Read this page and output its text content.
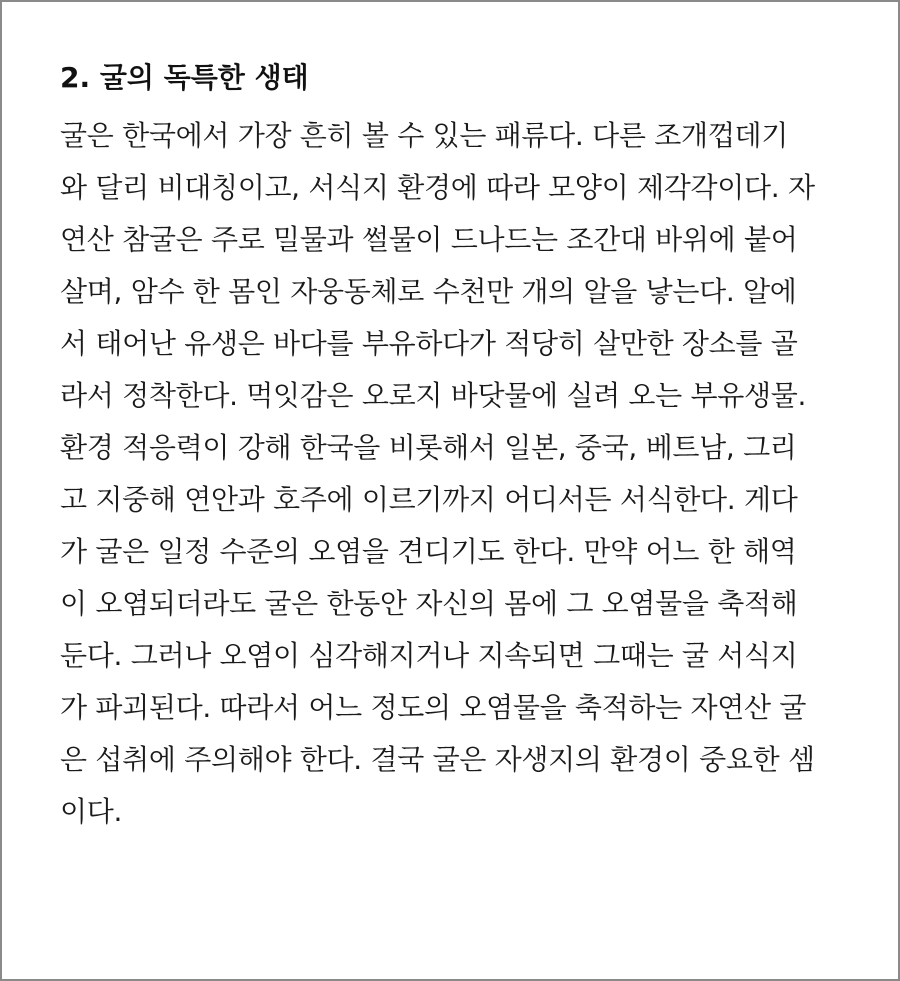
2. 굴의 독특한 생태
굴은 한국에서 가장 흔히 볼 수 있는 패류다. 다른 조개껍데기
와 달리 비대칭이고, 서식지 환경에 따라 모양이 제각각이다. 자
연산 참굴은 주로 밀물과 썰물이 드나드는 조간대 바위에 붙어
살며, 암수 한 몸인 자웅동체로 수천만 개의 알을 낳는다. 알에
서 태어난 유생은 바다를 부유하다가 적당히 살만한 장소를 골
라서 정착한다. 먹잇감은 오로지 바닷물에 실려 오는 부유생물.
환경 적응력이 강해 한국을 비롯해서 일본, 중국, 베트남, 그리
고 지중해 연안과 호주에 이르기까지 어디서든 서식한다. 게다
가 굴은 일정 수준의 오염을 견디기도 한다. 만약 어느 한 해역
이 오염되더라도 굴은 한동안 자신의 몸에 그 오염물을 축적해
둔다. 그러나 오염이 심각해지거나 지속되면 그때는 굴 서식지
가 파괴된다. 따라서 어느 정도의 오염물을 축적하는 자연산 굴
은 섭취에 주의해야 한다. 결국 굴은 자생지의 환경이 중요한 셈
이다.
